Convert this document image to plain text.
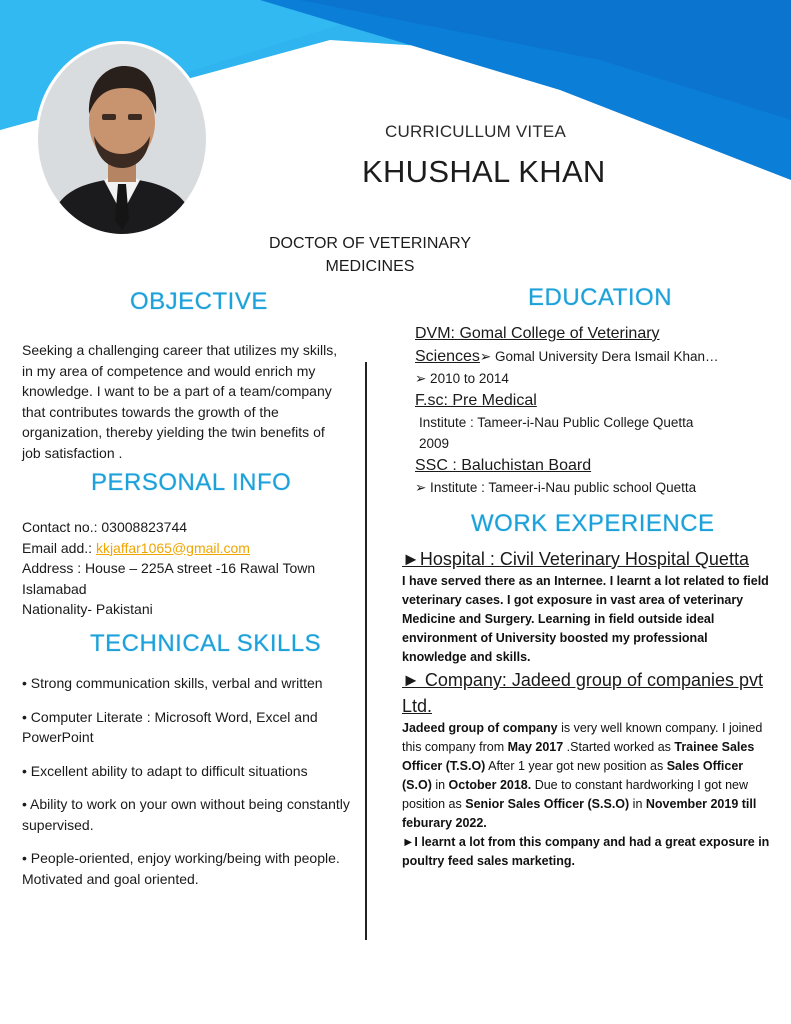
CURRICULLUM VITEA
KHUSHAL KHAN
DOCTOR OF VETERINARY
MEDICINES
OBJECTIVE
Seeking a challenging career that utilizes my skills, in my area of competence and would enrich my knowledge. I want to be a part of a team/company that contributes towards the growth of the organization, thereby yielding the twin benefits of job satisfaction .
PERSONAL INFO
Contact no.: 03008823744
Email add.: kkjaffar1065@gmail.com
Address : House – 225A street -16 Rawal Town Islamabad
Nationality- Pakistani
TECHNICAL SKILLS
• Strong communication skills, verbal and written
• Computer Literate : Microsoft Word, Excel and PowerPoint
• Excellent ability to adapt to difficult situations
• Ability to work on your own without being constantly supervised.
• People-oriented, enjoy working/being with people. Motivated and goal oriented.
EDUCATION
DVM: Gomal College of Veterinary
Sciences➢ Gomal University Dera Ismail Khan…
➢ 2010 to 2014
F.sc: Pre Medical
Institute : Tameer-i-Nau Public College Quetta
2009
SSC : Baluchistan Board
➢ Institute : Tameer-i-Nau public school Quetta
WORK EXPERIENCE
►Hospital : Civil Veterinary Hospital Quetta
I have served there as an Internee. I learnt a lot related to field veterinary cases. I got exposure in vast area of veterinary Medicine and Surgery. Learning in field outside ideal environment of University boosted my professional knowledge and skills.
► Company: Jadeed group of companies pvt Ltd.
Jadeed group of company is very well known company. I joined this company from May 2017 .Started worked as Trainee Sales Officer (T.S.O) After 1 year got new position as Sales Officer (S.O) in October 2018. Due to constant hardworking I got new position as Senior Sales Officer (S.S.O) in November 2019 till feburary 2022.
►I learnt a lot from this company and had a great exposure in poultry feed sales marketing.
